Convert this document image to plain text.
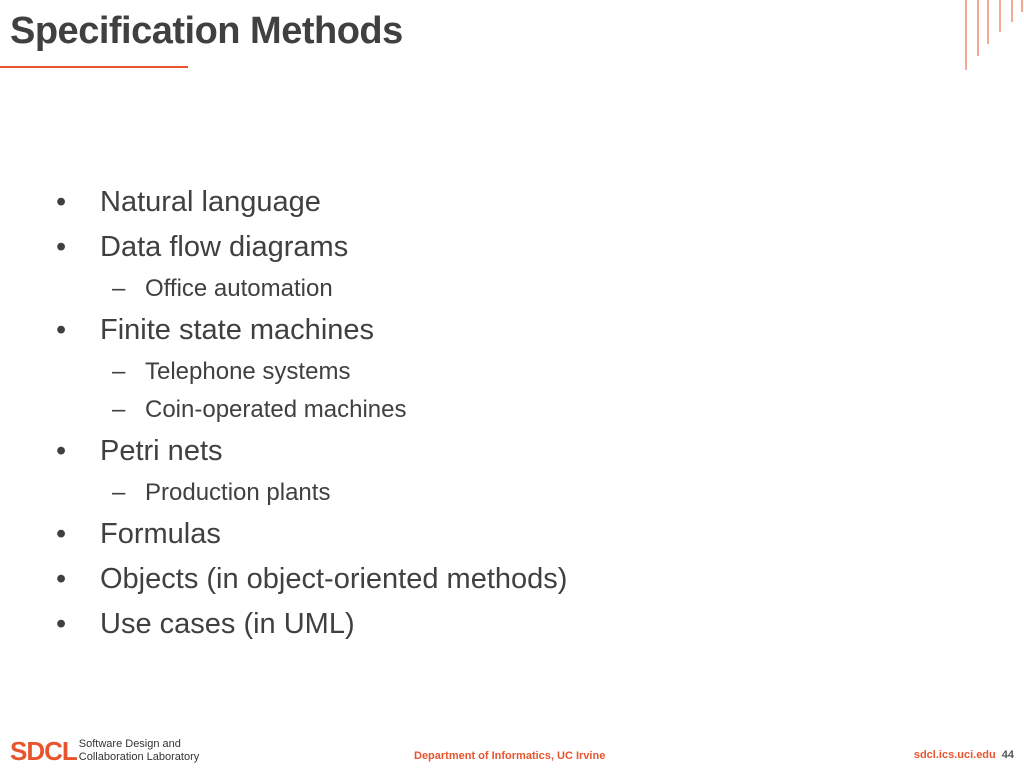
Specification Methods
•	Natural language
•	Data flow diagrams
– Office automation
•	Finite state machines
– Telephone systems
– Coin-operated machines
•	Petri nets
– Production plants
•	Formulas
•	Objects (in object-oriented methods)
•	Use cases (in UML)
SDCL Software Design and
Collaboration Laboratory	Department of Informatics, UC Irvine	sdcl.ics.uci.edu 44
